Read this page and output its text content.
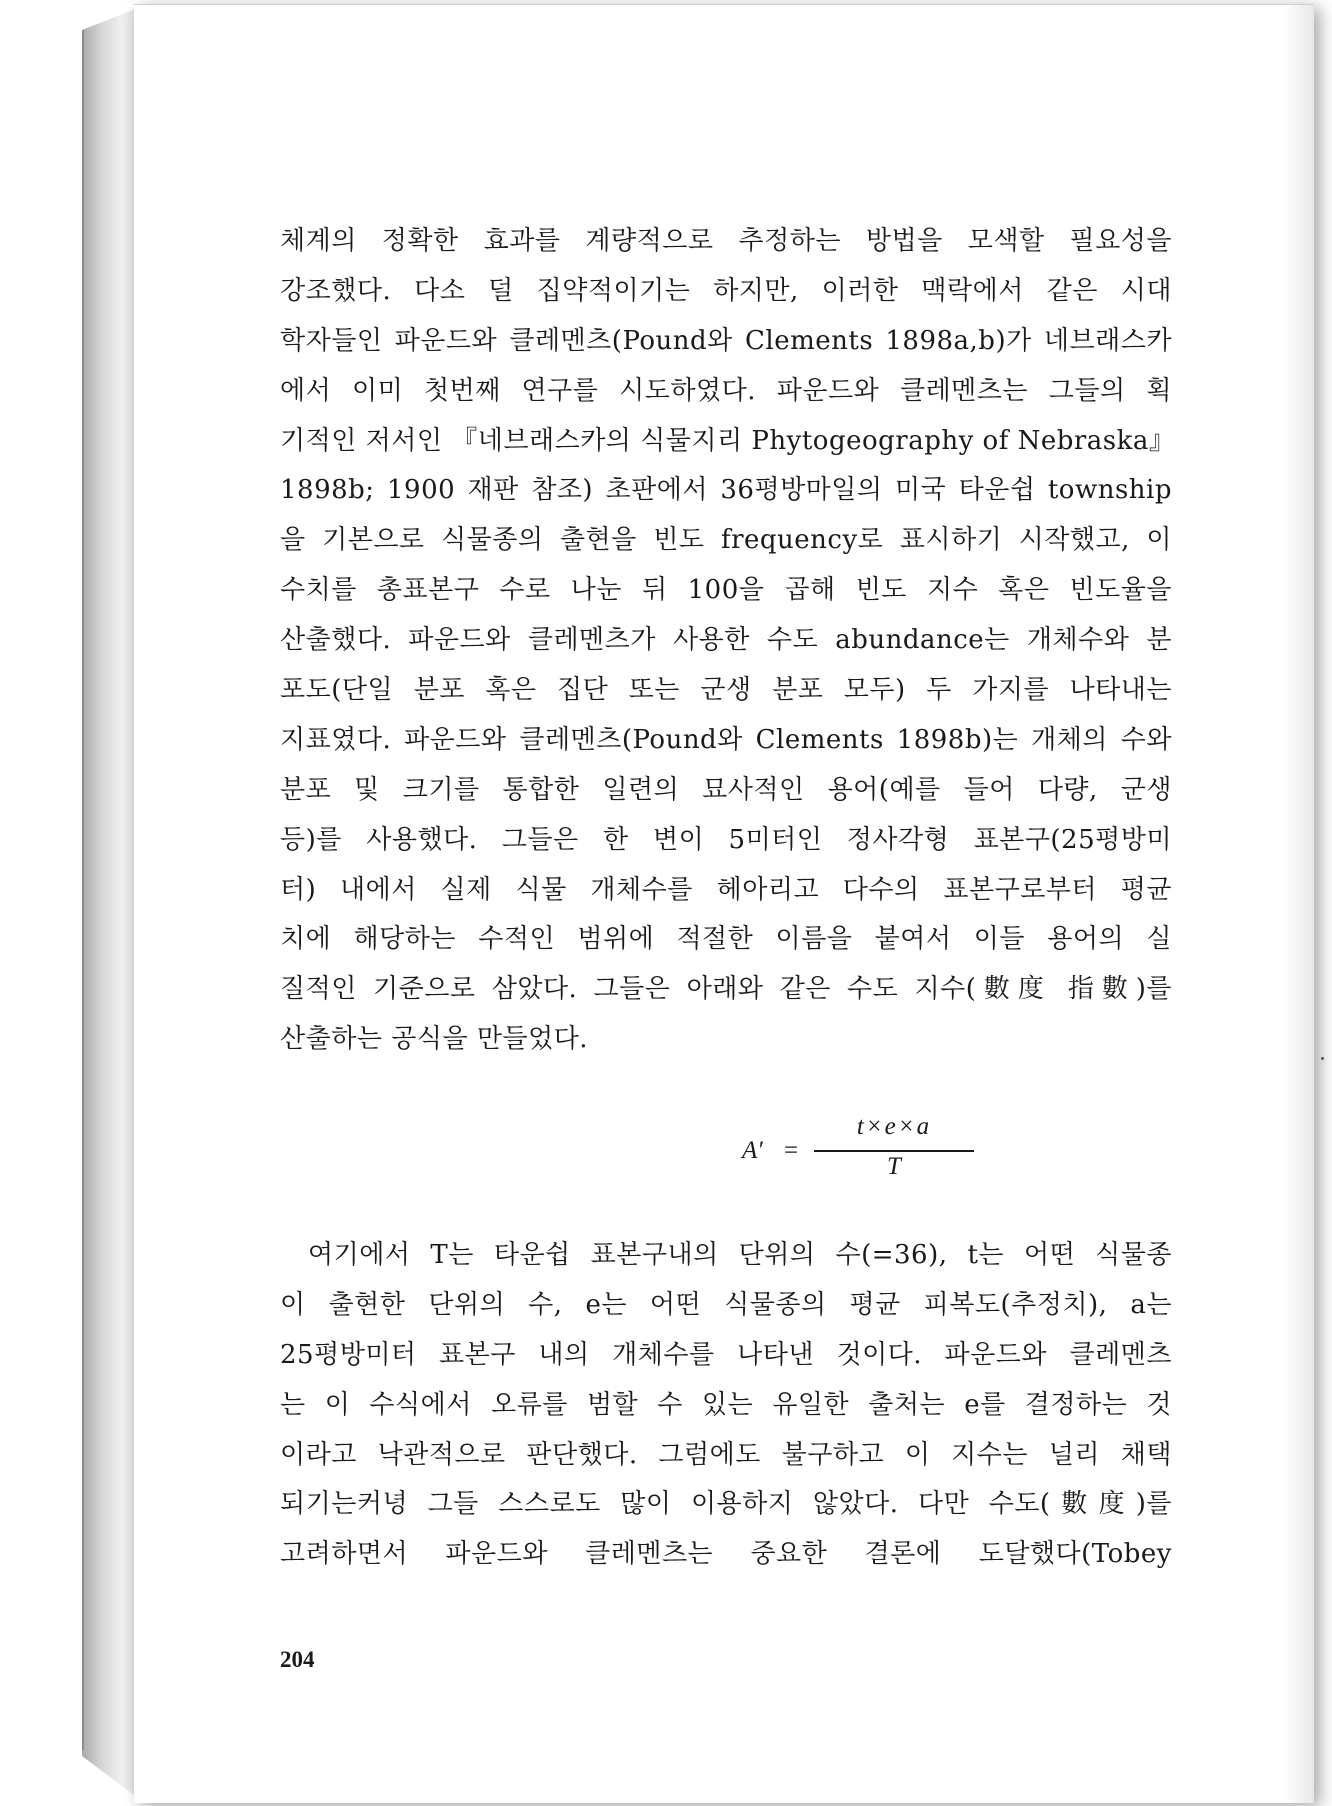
체계의 정확한 효과를 계량적으로 추정하는 방법을 모색할 필요성을
강조했다. 다소 덜 집약적이기는 하지만, 이러한 맥락에서 같은 시대
학자들인 파운드와 클레멘츠(Pound와 Clements 1898a,b)가 네브래스카
에서 이미 첫번째 연구를 시도하였다. 파운드와 클레멘츠는 그들의 획
기적인 저서인 『네브래스카의 식물지리 Phytogeography of Nebraska』
1898b; 1900 재판 참조) 초판에서 36평방마일의 미국 타운쉽 township
을 기본으로 식물종의 출현을 빈도 frequency로 표시하기 시작했고, 이
수치를 총표본구 수로 나눈 뒤 100을 곱해 빈도 지수 혹은 빈도율을
산출했다. 파운드와 클레멘츠가 사용한 수도 abundance는 개체수와 분
포도(단일 분포 혹은 집단 또는 군생 분포 모두) 두 가지를 나타내는
지표였다. 파운드와 클레멘츠(Pound와 Clements 1898b)는 개체의 수와
분포 및 크기를 통합한 일련의 묘사적인 용어(예를 들어 다량, 군생
등)를 사용했다. 그들은 한 변이 5미터인 정사각형 표본구(25평방미
터) 내에서 실제 식물 개체수를 헤아리고 다수의 표본구로부터 평균
치에 해당하는 수적인 범위에 적절한 이름을 붙여서 이들 용어의 실
질적인 기준으로 삼았다. 그들은 아래와 같은 수도 지수(數度 指數)를
산출하는 공식을 만들었다.
A′ =
t×e×a
T
여기에서 T는 타운쉽 표본구내의 단위의 수(=36), t는 어떤 식물종
이 출현한 단위의 수, e는 어떤 식물종의 평균 피복도(추정치), a는
25평방미터 표본구 내의 개체수를 나타낸 것이다. 파운드와 클레멘츠
는 이 수식에서 오류를 범할 수 있는 유일한 출처는 e를 결정하는 것
이라고 낙관적으로 판단했다. 그럼에도 불구하고 이 지수는 널리 채택
되기는커녕 그들 스스로도 많이 이용하지 않았다. 다만 수도(數度)를
고려하면서 파운드와 클레멘츠는 중요한 결론에 도달했다(Tobey
204
